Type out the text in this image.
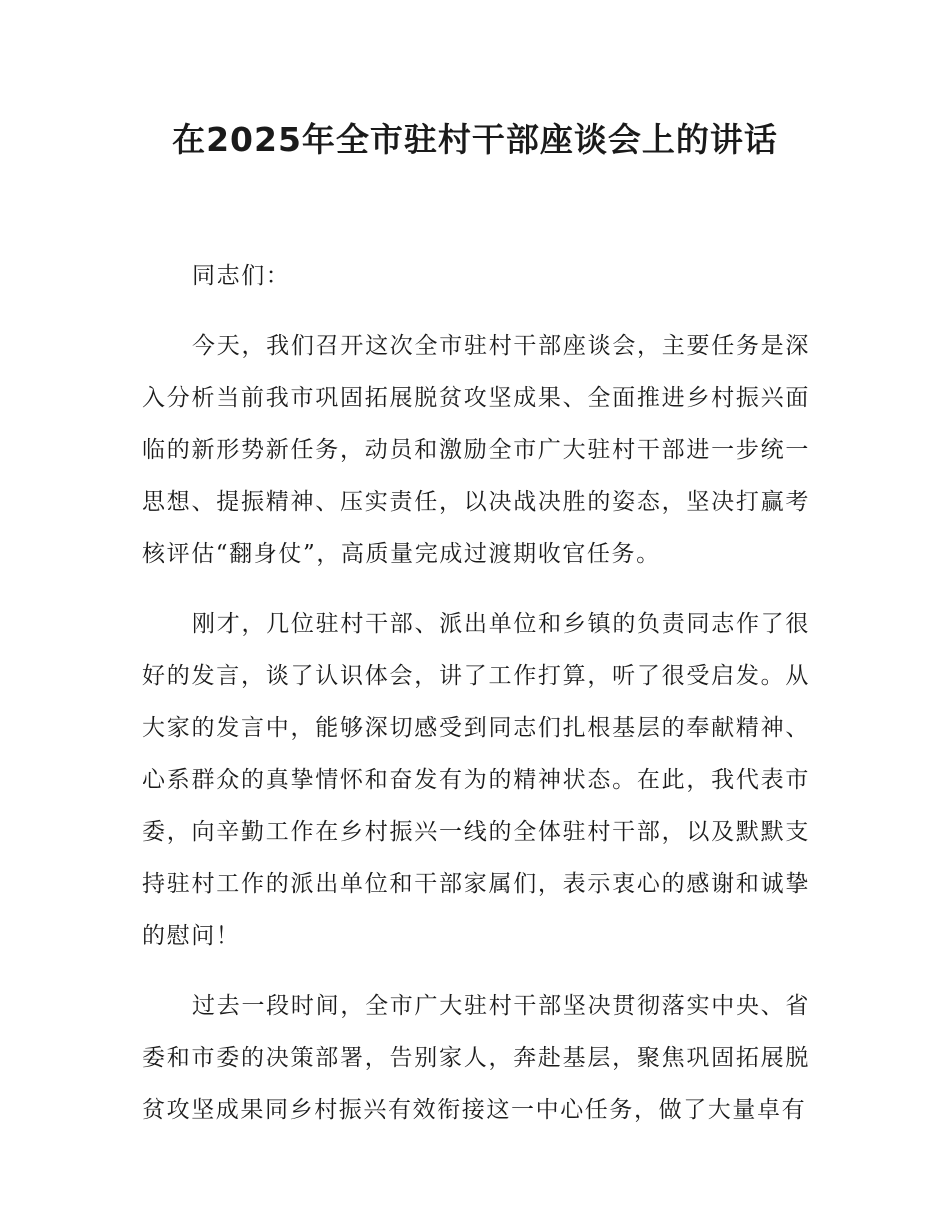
在2025年全市驻村干部座谈会上的讲话

同志们：

今天，我们召开这次全市驻村干部座谈会，主要任务是深入分析当前我市巩固拓展脱贫攻坚成果、全面推进乡村振兴面临的新形势新任务，动员和激励全市广大驻村干部进一步统一思想、提振精神、压实责任，以决战决胜的姿态，坚决打赢考核评估“翻身仗”，高质量完成过渡期收官任务。

刚才，几位驻村干部、派出单位和乡镇的负责同志作了很好的发言，谈了认识体会，讲了工作打算，听了很受启发。从大家的发言中，能够深切感受到同志们扎根基层的奉献精神、心系群众的真挚情怀和奋发有为的精神状态。在此，我代表市委，向辛勤工作在乡村振兴一线的全体驻村干部，以及默默支持驻村工作的派出单位和干部家属们，表示衷心的感谢和诚挚的慰问！

过去一段时间，全市广大驻村干部坚决贯彻落实中央、省委和市委的决策部署，告别家人，奔赴基层，聚焦巩固拓展脱贫攻坚成果同乡村振兴有效衔接这一中心任务，做了大量卓有
